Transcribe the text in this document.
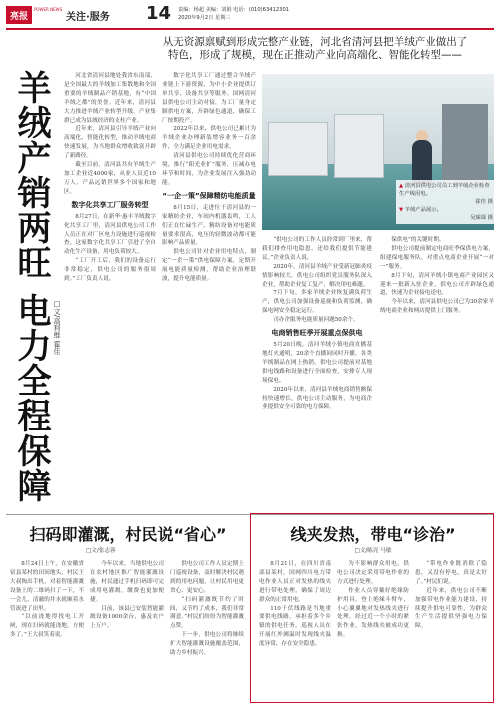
亮报
POWER NEWS
关注·服务 14 责编：杨超 美编：刘娟 电话：(010)63412301
2020年9月2日 星期三
从无资源禀赋到形成完整产业链，河北省清河县把羊绒产业做出了
特色，形成了规模，现在正推动产业向高端化、智能化转型——
羊绒产销两旺 电力全程保障 □文/高利维 霍佳

河北省清河县地处我省东南部，是全国最大的羊绒加工集散地和全国重要的羊绒制品产销基地，有“中国羊绒之都”的美誉。近年来，清河县大力推进羊绒产业转型升级，产业集群已成为县域经济的支柱产业。

近年来，清河县引导羊绒产业向高端化、智能化转型，推动羊绒电商快速发展，为当地群众增收致富开辟了新路径。

截至目前，清河县共有羊绒生产加工企业近4000家，从业人员近10万人，产品远销世界多个国家和地区。

数字化共享工厂服务转型

8月27日，在新华·惠丰羊绒数字化共享工厂里，清河县供电公司工作人员正在对厂区电力设施进行巡视检查。这家数字化共享工厂引进了全自动化生产设备，用电负荷较大。

“工厂开工后，我们的设备运行非常稳定，供电公司的服务很周到。”工厂负责人说。

数字化共享工厂通过整合羊绒产业链上下游资源，为中小企业提供订单共享、设备共享等服务。国网清河县供电公司主动对接，为工厂量身定制供电方案，开辟绿色通道，确保工厂按期投产。

2022年以来，供电公司已累计为羊绒企业办理新装增容业务一百余件，全力满足企业用电需求。

清河县供电公司持续优化营商环境，推行“阳光业扩”服务，压减办电环节和时间，为企业发展注入强劲动能。

“一企一策”保障精纺电能质量

8月15日，走进位于清河县的一家精纺企业，车间内机器轰鸣，工人们正在忙碌生产。精纺设备对电能质量要求很高，电压的轻微波动都可能影响产品质量。

供电公司针对企业用电特点，制定“一企一策”供电保障方案，定期开展电能质量检测，帮助企业治理谐波，提升电能质量。

▲ 清河县供电公司员工到羊绒企业检查生产线用电。
霍佳 摄
▼ 羊绒产品展示。
吴琛琛 摄

“供电公司的工作人员经常到厂里来，帮我们排查用电隐患，还给我们提供节能建议。”企业负责人说。

2020年，清河县羊绒产业受新冠肺炎疫情影响较大。供电公司组织党员服务队深入企业，帮助企业复工复产，解决用电难题。

7月下旬，多家羊绒企业恢复满负荷生产，供电公司加强设备巡视和负荷监测，确保电网安全稳定运行。

司办企服务电能质量问题50余个。

电商销售旺季开展重点保供电

5月20日晚，清河羊绒小镇电商直播基地灯火通明，20余个直播间同时开播，各类羊绒制品在网上热销。供电公司提前对基地供电线路和设备进行全面检查，安排专人现场保电。

2020年以来，清河县羊绒电商销售额保持快速增长，供电公司主动服务，为电商企业提供安全可靠的电力保障。

保供电”的关键时期。

供电公司提前制定电商旺季保供电方案，组建保电服务队，对重点电商企业开展“一对一”服务。

8月下旬，清河羊绒小镇电商产业园区又迎来一批新入驻企业，供电公司开辟绿色通道，快速为企业接电送电。

今年以来，清河县供电公司已为30余家羊绒电商企业和网店提供上门服务。

扫码即灌溉，村民说“省心”
□文/张志蓉

8月24日上午，在安徽省宿县某村的田间地头，村民王大叔掏出手机，对着智能灌溉设备上的二维码扫了一下，不一会儿，清澈的井水就顺着水管流进了田里。

“以前浇地得找电工开闸，现在扫码就能浇地，方便多了。”王大叔笑着说。

今年以来，当地供电公司在农村地区推广智能灌溉设施，村民通过手机扫码即可完成用电灌溉，缴费也更加便捷。

目前，该县已安装智能灌溉设备1000余台，惠及农户上万户。

供电公司工作人员定期上门巡视设备，及时解决村民遇到的用电问题，让村民用电更省心、更安心。

“扫码灌溉既节约了时间，又节约了成本，我们非常满意。”村民们纷纷为智能灌溉点赞。

下一步，供电公司将继续扩大智能灌溉设施覆盖范围，助力乡村振兴。

线夹发热，带电“诊治”
□文/陈亮 马敏

8月21日，在四川省南部县某村，国网四川电力带电作业人员正对发热的线夹进行带电处理，确保了周边群众的正常用电。

110千伏线路是当地重要供电线路，承担着多个乡镇的供电任务。巡视人员在开展红外测温时发现线夹温度异常，存在安全隐患。

为不影响群众用电，供电公司决定采用带电作业的方式进行处理。

作业人员穿戴好绝缘防护用具，登上绝缘斗臂车，小心翼翼地对发热线夹进行处理。经过近一个小时的紧张作业，发热线夹被成功更换。

“带电作业既消除了隐患，又没有停电，真是太好了。”村民们说。

近年来，供电公司不断加强带电作业能力建设，持续提升供电可靠性，为群众生产生活提供坚强电力保障。
